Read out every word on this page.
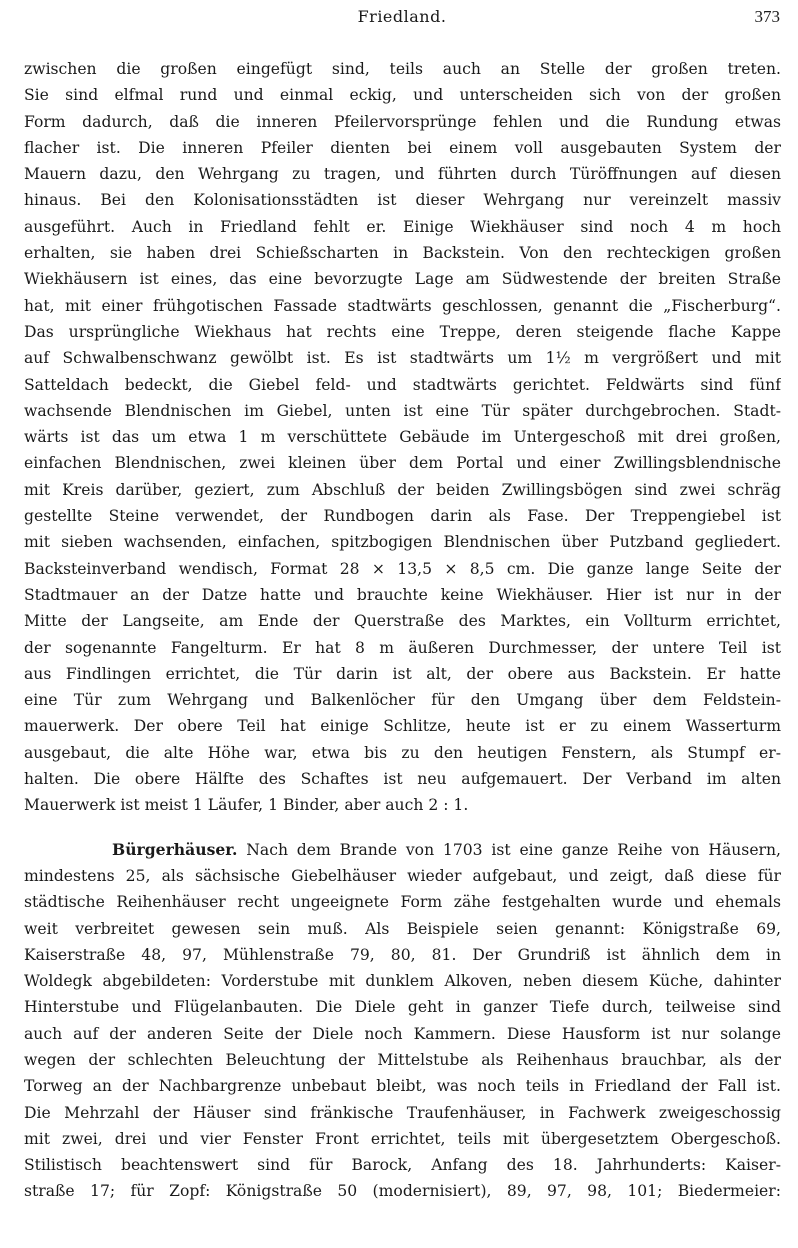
Friedland.	373
zwischen die großen eingefügt sind, teils auch an Stelle der großen treten.
Sie sind elfmal rund und einmal eckig, und unterscheiden sich von der großen
Form dadurch, daß die inneren Pfeilervorsprünge fehlen und die Rundung etwas
flacher ist. Die inneren Pfeiler dienten bei einem voll ausgebauten System der
Mauern dazu, den Wehrgang zu tragen, und führten durch Türöffnungen auf diesen
hinaus. Bei den Kolonisationsstädten ist dieser Wehrgang nur vereinzelt massiv
ausgeführt. Auch in Friedland fehlt er. Einige Wiekhäuser sind noch 4 m hoch
erhalten, sie haben drei Schießscharten in Backstein. Von den rechteckigen großen
Wiekhäusern ist eines, das eine bevorzugte Lage am Südwestende der breiten Straße
hat, mit einer frühgotischen Fassade stadtwärts geschlossen, genannt die „Fischerburg“.
Das ursprüngliche Wiekhaus hat rechts eine Treppe, deren steigende flache Kappe
auf Schwalbenschwanz gewölbt ist. Es ist stadtwärts um 1½ m vergrößert und mit
Satteldach bedeckt, die Giebel feld- und stadtwärts gerichtet. Feldwärts sind fünf
wachsende Blendnischen im Giebel, unten ist eine Tür später durchgebrochen. Stadt-
wärts ist das um etwa 1 m verschüttete Gebäude im Untergeschoß mit drei großen,
einfachen Blendnischen, zwei kleinen über dem Portal und einer Zwillingsblendnische
mit Kreis darüber, geziert, zum Abschluß der beiden Zwillingsbögen sind zwei schräg
gestellte Steine verwendet, der Rundbogen darin als Fase. Der Treppengiebel ist
mit sieben wachsenden, einfachen, spitzbogigen Blendnischen über Putzband gegliedert.
Backsteinverband wendisch, Format 28 × 13,5 × 8,5 cm. Die ganze lange Seite der
Stadtmauer an der Datze hatte und brauchte keine Wiekhäuser. Hier ist nur in der
Mitte der Langseite, am Ende der Querstraße des Marktes, ein Vollturm errichtet,
der sogenannte Fangelturm. Er hat 8 m äußeren Durchmesser, der untere Teil ist
aus Findlingen errichtet, die Tür darin ist alt, der obere aus Backstein. Er hatte
eine Tür zum Wehrgang und Balkenlöcher für den Umgang über dem Feldstein-
mauerwerk. Der obere Teil hat einige Schlitze, heute ist er zu einem Wasserturm
ausgebaut, die alte Höhe war, etwa bis zu den heutigen Fenstern, als Stumpf er-
halten. Die obere Hälfte des Schaftes ist neu aufgemauert. Der Verband im alten
Mauerwerk ist meist 1 Läufer, 1 Binder, aber auch 2 : 1.
Bürgerhäuser. Nach dem Brande von 1703 ist eine ganze Reihe von Häusern,
mindestens 25, als sächsische Giebelhäuser wieder aufgebaut, und zeigt, daß diese für
städtische Reihenhäuser recht ungeeignete Form zähe festgehalten wurde und ehemals
weit verbreitet gewesen sein muß. Als Beispiele seien genannt: Königstraße 69,
Kaiserstraße 48, 97, Mühlenstraße 79, 80, 81. Der Grundriß ist ähnlich dem in
Woldegk abgebildeten: Vorderstube mit dunklem Alkoven, neben diesem Küche, dahinter
Hinterstube und Flügelanbauten. Die Diele geht in ganzer Tiefe durch, teilweise sind
auch auf der anderen Seite der Diele noch Kammern. Diese Hausform ist nur solange
wegen der schlechten Beleuchtung der Mittelstube als Reihenhaus brauchbar, als der
Torweg an der Nachbargrenze unbebaut bleibt, was noch teils in Friedland der Fall ist.
Die Mehrzahl der Häuser sind fränkische Traufenhäuser, in Fachwerk zweigeschossig
mit zwei, drei und vier Fenster Front errichtet, teils mit übergesetztem Obergeschoß.
Stilistisch beachtenswert sind für Barock, Anfang des 18. Jahrhunderts: Kaiser-
straße 17; für Zopf: Königstraße 50 (modernisiert), 89, 97, 98, 101; Biedermeier:
